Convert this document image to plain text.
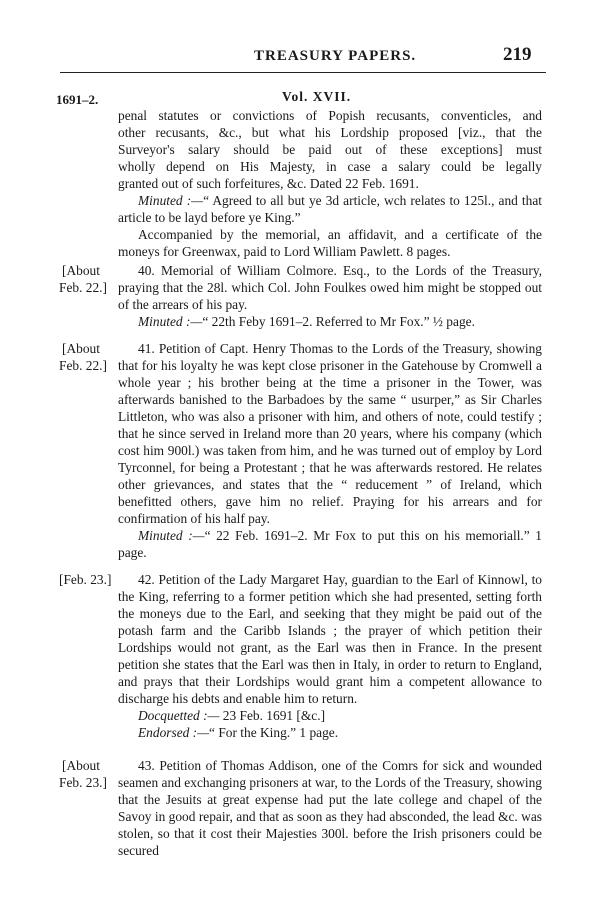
TREASURY PAPERS.	219
1691–2.	Vol. XVII.

penal statutes or convictions of Popish recusants, conventicles, and

other recusants, &c., but what his Lordship proposed [viz., that the

Surveyor's salary should be paid out of these exceptions] must

wholly depend on His Majesty, in case a salary could be legally

granted out of such forfeitures, &c. Dated 22 Feb. 1691.

Minuted :—“ Agreed to all but ye 3d article, wch relates to 125l., and that article to be layd before ye King.”

Accompanied by the memorial, an affidavit, and a certificate of the moneys for Greenwax, paid to Lord William Pawlett. 8 pages.

[About
Feb. 22.]

40. Memorial of William Colmore. Esq., to the Lords of the Treasury, praying that the 28l. which Col. John Foulkes owed him might be stopped out of the arrears of his pay.

Minuted :—“ 22th Feby 1691–2. Referred to Mr Fox.” ½ page.

[About
Feb. 22.]

41. Petition of Capt. Henry Thomas to the Lords of the Treasury, showing that for his loyalty he was kept close prisoner in the Gatehouse by Cromwell a whole year ; his brother being at the time a prisoner in the Tower, was afterwards banished to the Barbadoes by the same “ usurper,” as Sir Charles Littleton, who was also a prisoner with him, and others of note, could testify ; that he since served in Ireland more than 20 years, where his company (which cost him 900l.) was taken from him, and he was turned out of employ by Lord Tyrconnel, for being a Protestant ; that he was afterwards restored. He relates other grievances, and states that the “ reducement ” of Ireland, which benefitted others, gave him no relief. Praying for his arrears and for confirmation of his half pay.

Minuted :—“ 22 Feb. 1691–2. Mr Fox to put this on his memoriall.” 1 page.

[Feb. 23.]	42. Petition of the Lady Margaret Hay, guardian to the Earl of Kinnowl, to the King, referring to a former petition which she had presented, setting forth the moneys due to the Earl, and seeking that they might be paid out of the potash farm and the Caribb Islands ; the prayer of which petition their Lordships would not grant, as the Earl was then in France. In the present petition she states that the Earl was then in Italy, in order to return to England, and prays that their Lordships would grant him a competent allowance to discharge his debts and enable him to return.

Docquetted :— 23 Feb. 1691 [&c.]

Endorsed :—“ For the King.” 1 page.

[About
Feb. 23.]

43. Petition of Thomas Addison, one of the Comrs for sick and wounded seamen and exchanging prisoners at war, to the Lords of the Treasury, showing that the Jesuits at great expense had put the late college and chapel of the Savoy in good repair, and that as soon as they had absconded, the lead &c. was stolen, so that it cost their Majesties 300l. before the Irish prisoners could be secured
